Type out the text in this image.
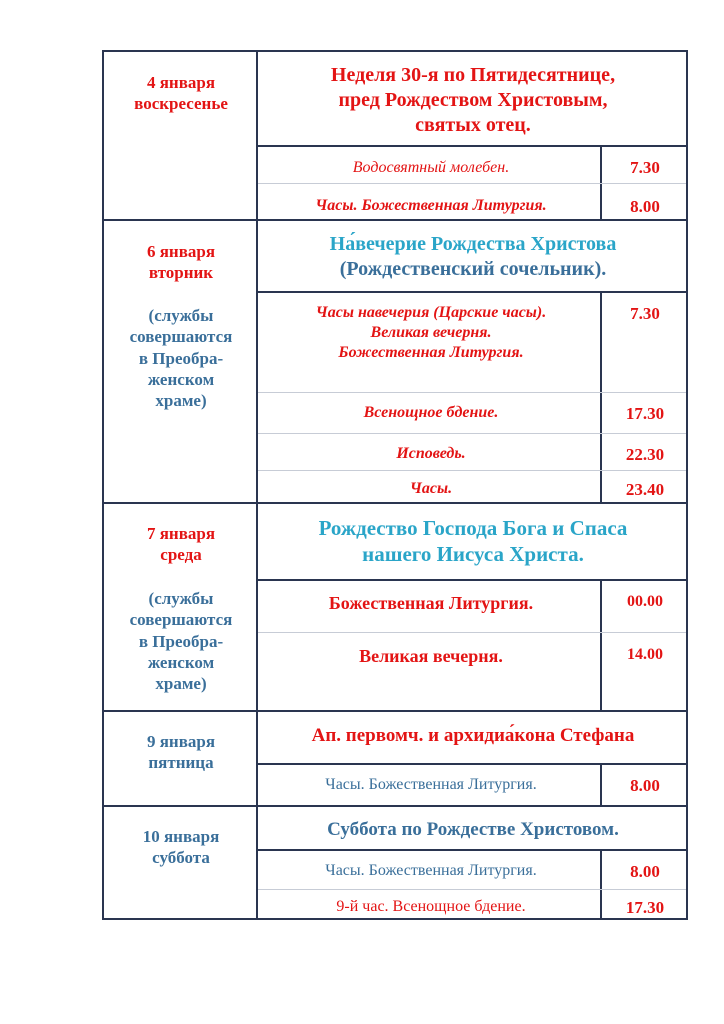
4 января
воскресенье
Неделя 30-я по Пятидесятнице,
пред Рождеством Христовым,
святых отец.
Водосвятный молебен.	7.30
Часы. Божественная Литургия.	8.00
6 января
вторник
(службы
совершаются
в Преобра-
женском
храме)
На́вечерие Рождества Христова
(Рождественский сочельник).
Часы навечерия (Царские часы).
Великая вечерня.
Божественная Литургия.
7.30
Всенощное бдение.	17.30
Исповедь.	22.30
Часы.	23.40
7 января
среда
(службы
совершаются
в Преобра-
женском
храме)
Рождество Господа Бога и Спаса
нашего Иисуса Христа.
Божественная Литургия.	00.00
Великая вечерня.	14.00
9 января
пятница
Ап. первомч. и архидиа́кона Стефана
Часы. Божественная Литургия.	8.00
10 января
суббота
Суббота по Рождестве Христовом.
Часы. Божественная Литургия.	8.00
9-й час. Всенощное бдение.	17.30
